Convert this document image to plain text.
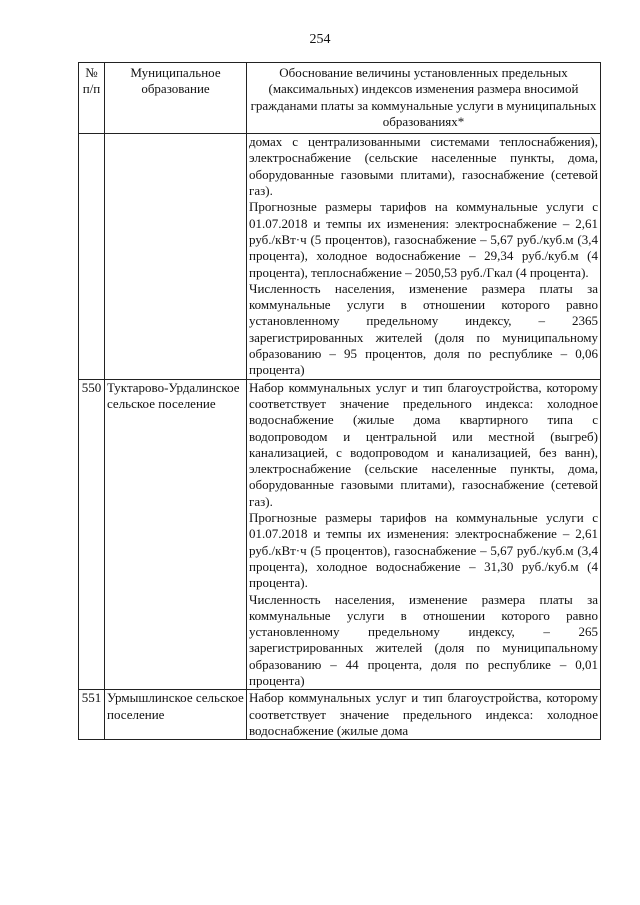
254
№ п/п	Муниципальное образование	Обоснование величины установленных предельных (максимальных) индексов изменения размера вносимой гражданами платы за коммунальные услуги в муниципальных образованиях*

		домах с централизованными системами теплоснабжения), электроснабжение (сельские населенные пункты, дома, оборудованные газовыми плитами), газоснабжение (сетевой газ).

Прогнозные размеры тарифов на коммунальные услуги с 01.07.2018 и темпы их изменения: электроснабжение – 2,61 руб./кВт·ч (5 процентов), газоснабжение – 5,67 руб./куб.м (3,4 процента), холодное водоснабжение – 29,34 руб./куб.м (4 процента), теплоснабжение – 2050,53 руб./Гкал (4 процента).

Численность населения, изменение размера платы за коммунальные услуги в отношении которого равно установленному предельному индексу, – 2365 зарегистрированных жителей (доля по муниципальному образованию – 95 процентов, доля по республике – 0,06 процента)

550	Туктарово-Урдалинское сельское поселение	Набор коммунальных услуг и тип благоустройства, которому соответствует значение предельного индекса: холодное водоснабжение (жилые дома квартирного типа с водопроводом и центральной или местной (выгреб) канализацией, с водопроводом и канализацией, без ванн), электроснабжение (сельские населенные пункты, дома, оборудованные газовыми плитами), газоснабжение (сетевой газ).

Прогнозные размеры тарифов на коммунальные услуги с 01.07.2018 и темпы их изменения: электроснабжение – 2,61 руб./кВт·ч (5 процентов), газоснабжение – 5,67 руб./куб.м (3,4 процента), холодное водоснабжение – 31,30 руб./куб.м (4 процента).

Численность населения, изменение размера платы за коммунальные услуги в отношении которого равно установленному предельному индексу, – 265 зарегистрированных жителей (доля по муниципальному образованию – 44 процента, доля по республике – 0,01 процента)

551	Урмышлинское сельское поселение	Набор коммунальных услуг и тип благоустройства, которому соответствует значение предельного индекса: холодное водоснабжение (жилые дома
